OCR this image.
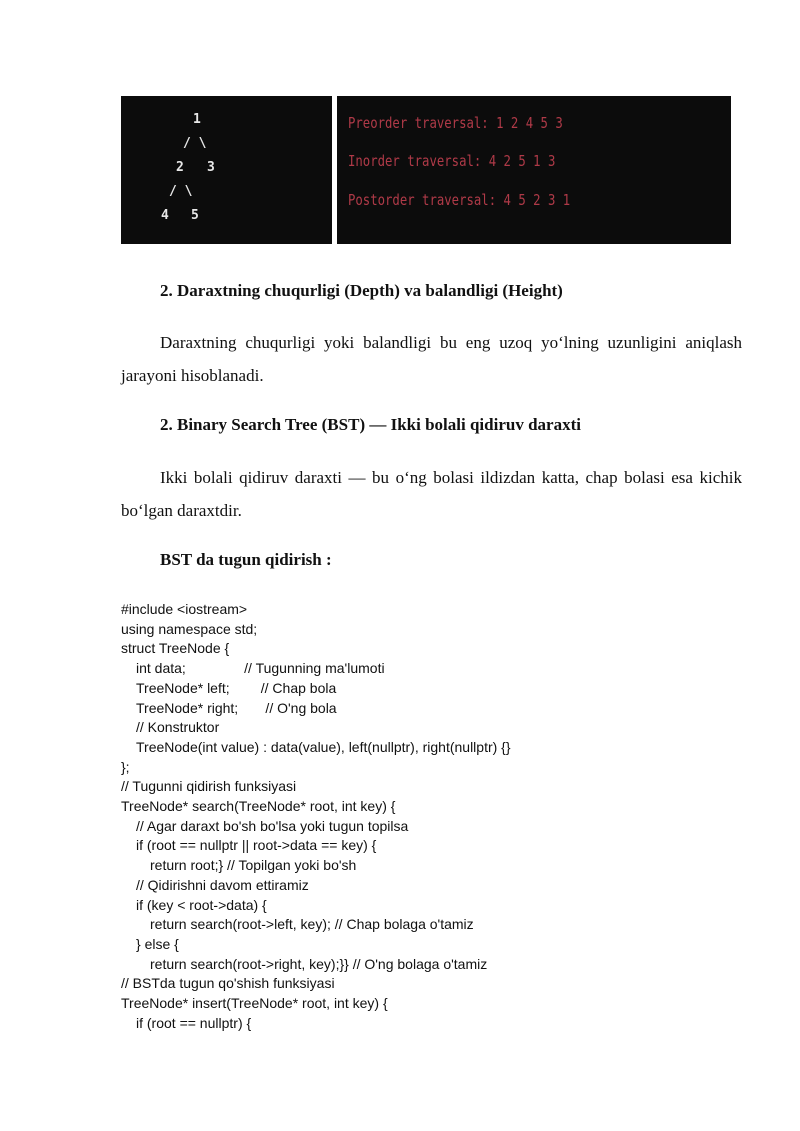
1
/ \
2 3
/ \
4 5
Preorder traversal: 1 2 4 5 3
Inorder traversal: 4 2 5 1 3
Postorder traversal: 4 5 2 3 1
2. Daraxtning chuqurligi (Depth) va balandligi (Height)

Daraxtning chuqurligi yoki balandligi bu eng uzoq yo‘lning uzunligini aniqlash jarayoni hisoblanadi.

2. Binary Search Tree (BST) — Ikki bolali qidiruv daraxti

Ikki bolali qidiruv daraxti — bu o‘ng bolasi ildizdan katta, chap bolasi esa kichik bo‘lgan daraxtdir.

BST da tugun qidirish :
#include <iostream>
using namespace std;
struct TreeNode {
int data;               // Tugunning ma'lumoti
TreeNode* left;        // Chap bola
TreeNode* right;       // O'ng bola
// Konstruktor
TreeNode(int value) : data(value), left(nullptr), right(nullptr) {}
};
// Tugunni qidirish funksiyasi
TreeNode* search(TreeNode* root, int key) {
// Agar daraxt bo'sh bo'lsa yoki tugun topilsa
if (root == nullptr || root->data == key) {
return root;} // Topilgan yoki bo'sh
// Qidirishni davom ettiramiz
if (key < root->data) {
return search(root->left, key); // Chap bolaga o'tamiz
} else {
return search(root->right, key);}} // O'ng bolaga o'tamiz
// BSTda tugun qo'shish funksiyasi
TreeNode* insert(TreeNode* root, int key) {
if (root == nullptr) {
